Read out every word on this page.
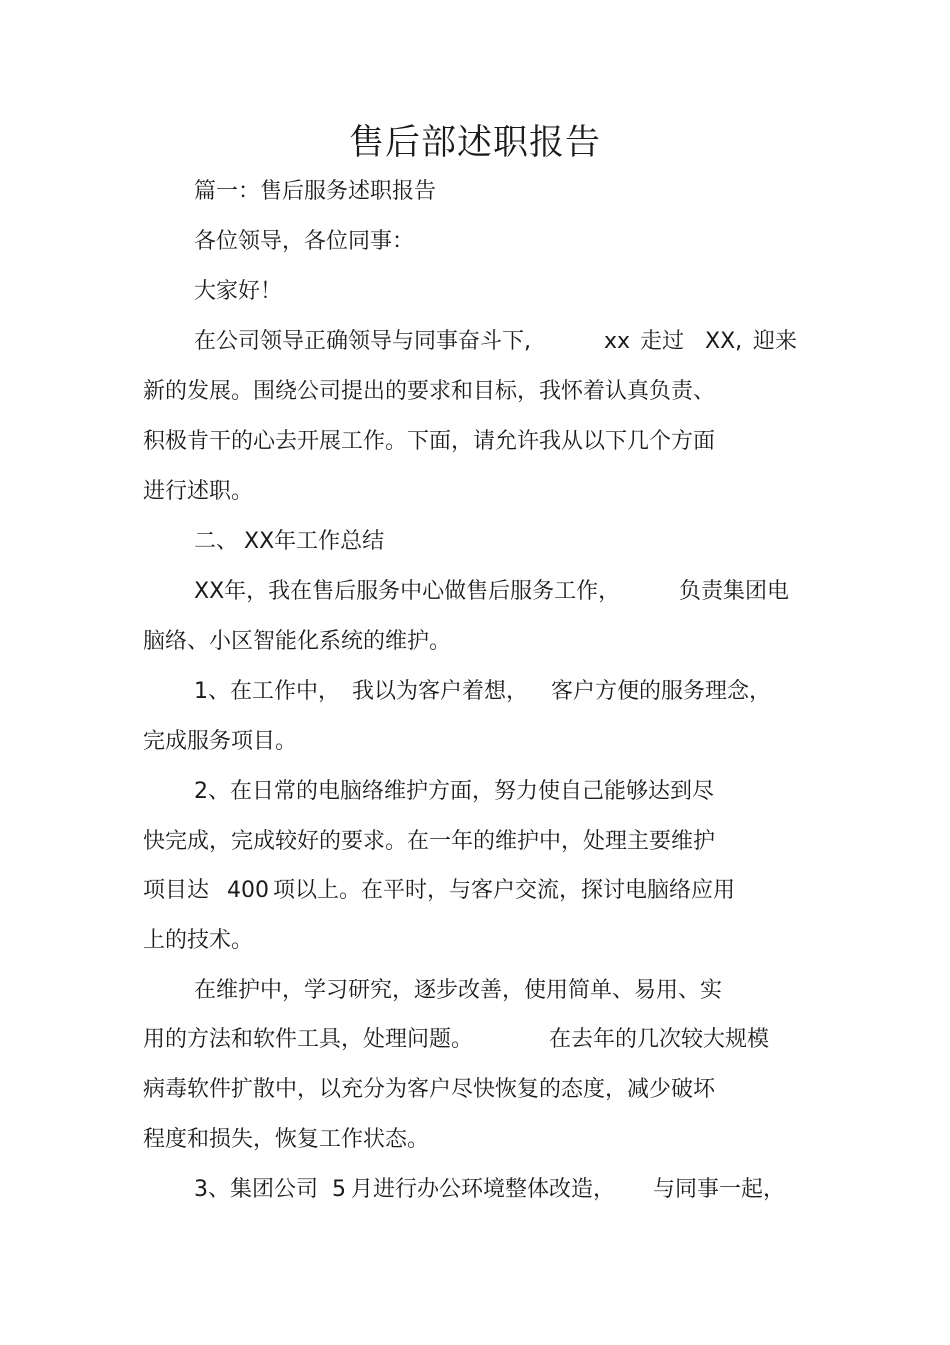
售后部述职报告
篇一：售后服务述职报告
各位领导，各位同事：
大家好！
在公司领导正确领导与同事奋斗下,	xx 走过 XX, 迎来
新的发展。围绕公司提出的要求和目标，我怀着认真负责、
积极肯干的心去开展工作。下面，请允许我从以下几个方面
进行述职。
二、 XX年工作总结
XX年，我在售后服务中心做售后服务工作，	负责集团电
脑络、小区智能化系统的维护。
1、在工作中， 我以为客户着想， 客户方便的服务理念，
完成服务项目。
2、在日常的电脑络维护方面，努力使自己能够达到尽
快完成，完成较好的要求。在一年的维护中，处理主要维护
项目达 400 项以上。在平时，与客户交流，探讨电脑络应用
上的技术。
在维护中，学习研究，逐步改善，使用简单、易用、实
用的方法和软件工具，处理问题。	在去年的几次较大规模
病毒软件扩散中，以充分为客户尽快恢复的态度，减少破坏
程度和损失，恢复工作状态。
3、集团公司 5 月进行办公环境整体改造， 与同事一起，
